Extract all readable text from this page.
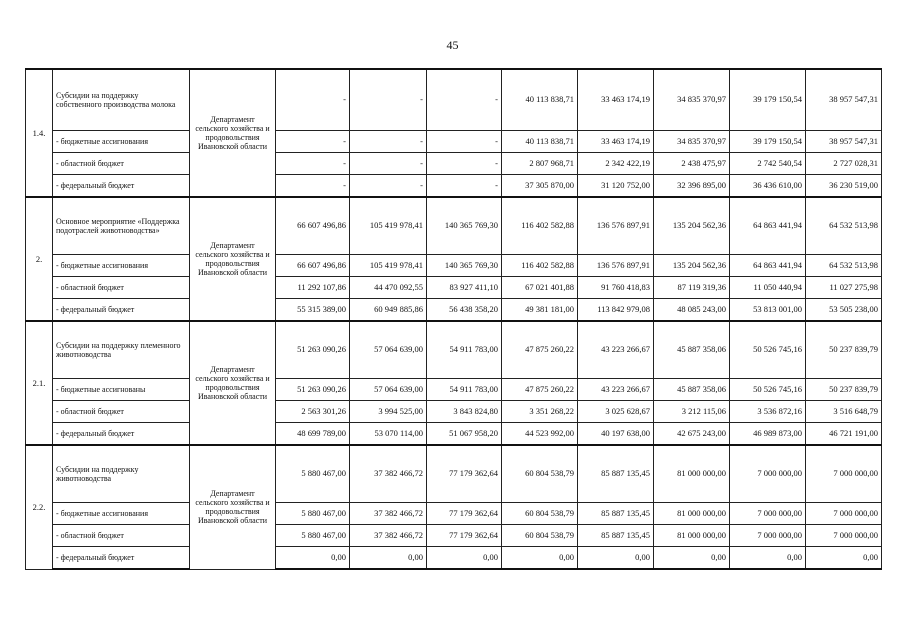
45
1.4.	Субсидии на поддержку собственного производства молока	Департамент сельского хозяйства и продовольствия Ивановской области	-	-	-	40 113 838,71	33 463 174,19	34 835 370,97	39 179 150,54	38 957 547,31
	- бюджетные ассигнования		-	-	-	40 113 838,71	33 463 174,19	34 835 370,97	39 179 150,54	38 957 547,31
	- областной бюджет		-	-	-	2 807 968,71	2 342 422,19	2 438 475,97	2 742 540,54	2 727 028,31
	- федеральный бюджет		-	-	-	37 305 870,00	31 120 752,00	32 396 895,00	36 436 610,00	36 230 519,00
2.	Основное мероприятие «Поддержка подотраслей животноводства»	Департамент сельского хозяйства и продовольствия Ивановской области	66 607 496,86	105 419 978,41	140 365 769,30	116 402 582,88	136 576 897,91	135 204 562,36	64 863 441,94	64 532 513,98
	- бюджетные ассигнования		66 607 496,86	105 419 978,41	140 365 769,30	116 402 582,88	136 576 897,91	135 204 562,36	64 863 441,94	64 532 513,98
	- областной бюджет		11 292 107,86	44 470 092,55	83 927 411,10	67 021 401,88	91 760 418,83	87 119 319,36	11 050 440,94	11 027 275,98
	- федеральный бюджет		55 315 389,00	60 949 885,86	56 438 358,20	49 381 181,00	113 842 979,08	48 085 243,00	53 813 001,00	53 505 238,00
2.1.	Субсидии на поддержку племенного животноводства	Департамент сельского хозяйства и продовольствия Ивановской области	51 263 090,26	57 064 639,00	54 911 783,00	47 875 260,22	43 223 266,67	45 887 358,06	50 526 745,16	50 237 839,79
	- бюджетные ассигнованы		51 263 090,26	57 064 639,00	54 911 783,00	47 875 260,22	43 223 266,67	45 887 358,06	50 526 745,16	50 237 839,79
	- областной бюджет		2 563 301,26	3 994 525,00	3 843 824,80	3 351 268,22	3 025 628,67	3 212 115,06	3 536 872,16	3 516 648,79
	- федеральный бюджет		48 699 789,00	53 070 114,00	51 067 958,20	44 523 992,00	40 197 638,00	42 675 243,00	46 989 873,00	46 721 191,00
2.2.	Субсидии на поддержку животноводства	Департамент сельского хозяйства и продовольствия Ивановской области	5 880 467,00	37 382 466,72	77 179 362,64	60 804 538,79	85 887 135,45	81 000 000,00	7 000 000,00	7 000 000,00
	- бюджетные ассигнования		5 880 467,00	37 382 466,72	77 179 362,64	60 804 538,79	85 887 135,45	81 000 000,00	7 000 000,00	7 000 000,00
	- областной бюджет		5 880 467,00	37 382 466,72	77 179 362,64	60 804 538,79	85 887 135,45	81 000 000,00	7 000 000,00	7 000 000,00
	- федеральный бюджет		0,00	0,00	0,00	0,00	0,00	0,00	0,00	0,00
